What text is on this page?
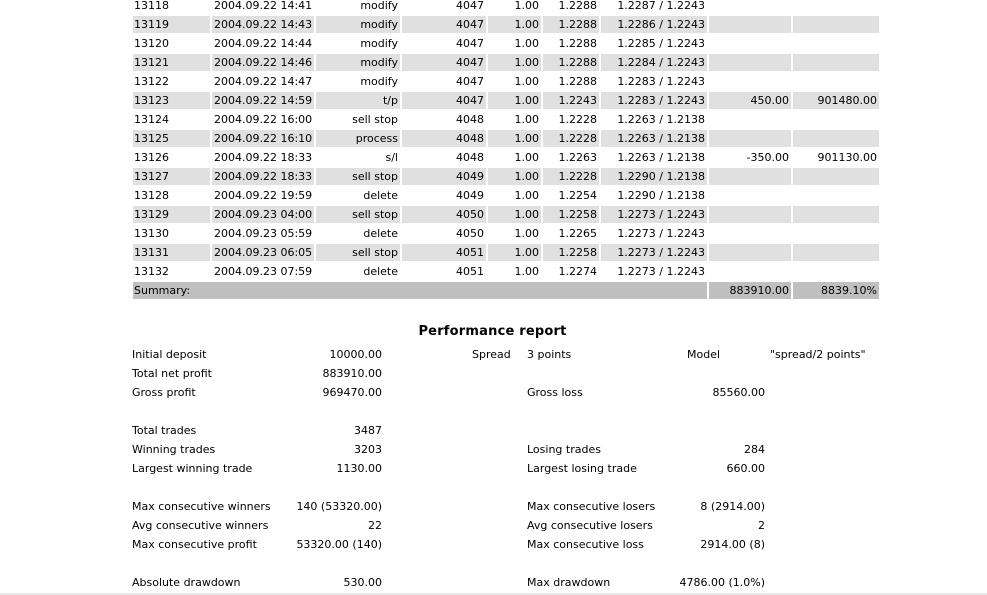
13118	2004.09.22 14:41	modify	4047	1.00	1.2288	1.2287 / 1.2243		
13119	2004.09.22 14:43	modify	4047	1.00	1.2288	1.2286 / 1.2243		
13120	2004.09.22 14:44	modify	4047	1.00	1.2288	1.2285 / 1.2243		
13121	2004.09.22 14:46	modify	4047	1.00	1.2288	1.2284 / 1.2243		
13122	2004.09.22 14:47	modify	4047	1.00	1.2288	1.2283 / 1.2243		
13123	2004.09.22 14:59	t/p	4047	1.00	1.2243	1.2283 / 1.2243	450.00	901480.00
13124	2004.09.22 16:00	sell stop	4048	1.00	1.2228	1.2263 / 1.2138		
13125	2004.09.22 16:10	process	4048	1.00	1.2228	1.2263 / 1.2138		
13126	2004.09.22 18:33	s/l	4048	1.00	1.2263	1.2263 / 1.2138	-350.00	901130.00
13127	2004.09.22 18:33	sell stop	4049	1.00	1.2228	1.2290 / 1.2138		
13128	2004.09.22 19:59	delete	4049	1.00	1.2254	1.2290 / 1.2138		
13129	2004.09.23 04:00	sell stop	4050	1.00	1.2258	1.2273 / 1.2243		
13130	2004.09.23 05:59	delete	4050	1.00	1.2265	1.2273 / 1.2243		
13131	2004.09.23 06:05	sell stop	4051	1.00	1.2258	1.2273 / 1.2243		
13132	2004.09.23 07:59	delete	4051	1.00	1.2274	1.2273 / 1.2243		
Summary:							883910.00	8839.10%
Performance report
Initial deposit	10000.00	Spread 3 points	Model	"spread/2 points"
Total net profit	883910.00
Gross profit	969470.00	Gross loss	85560.00
Total trades	3487
Winning trades	3203	Losing trades	284
Largest winning trade	1130.00	Largest losing trade	660.00
Max consecutive winners	140 (53320.00)	Max consecutive losers	8 (2914.00)
Avg consecutive winners	22	Avg consecutive losers	2
Max consecutive profit	53320.00 (140)	Max consecutive loss	2914.00 (8)
Absolute drawdown	530.00	Max drawdown	4786.00 (1.0%)
